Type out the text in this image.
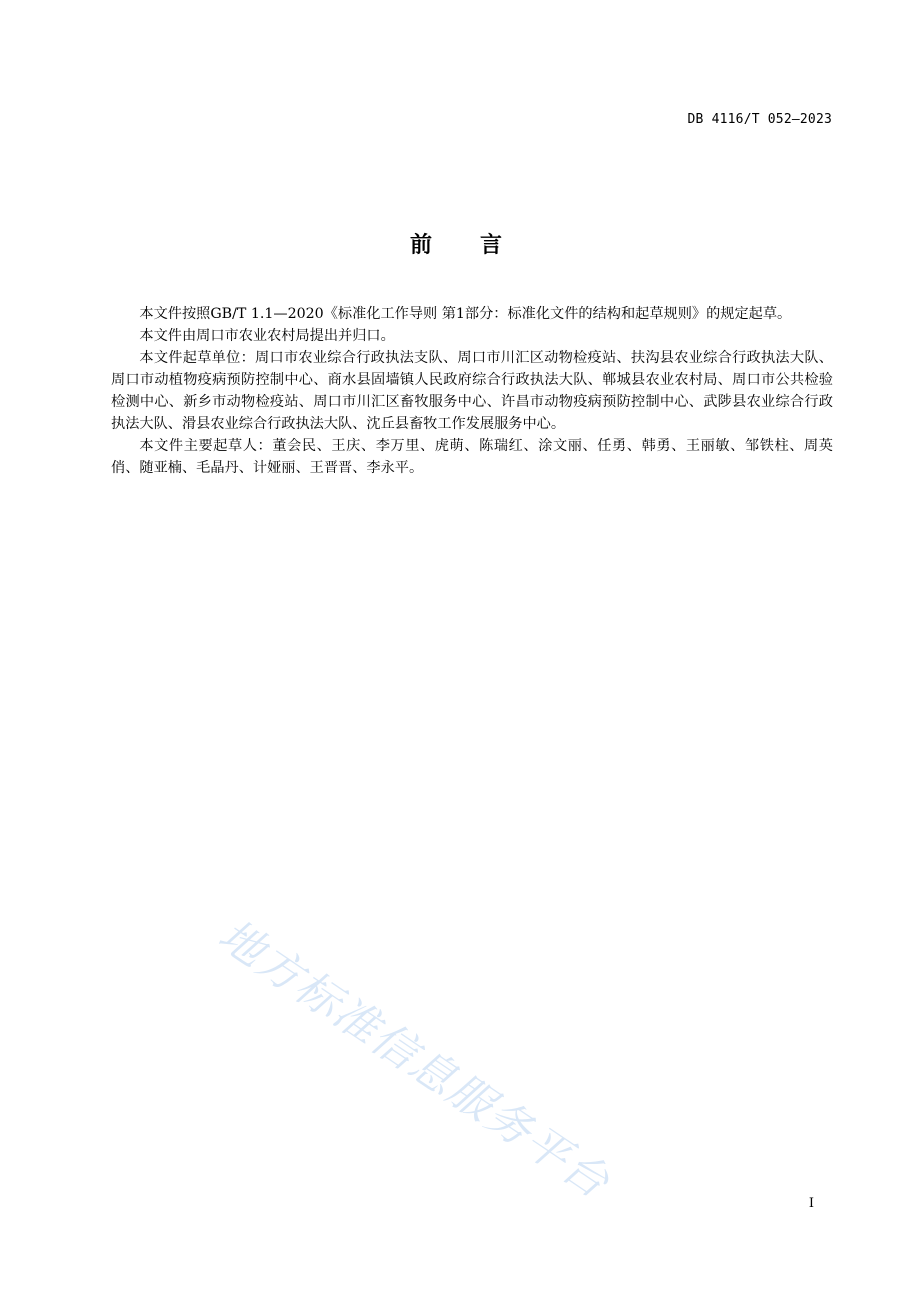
DB 4116/T 052—2023
前言

本文件按照GB/T 1.1—2020《标准化工作导则 第1部分：标准化文件的结构和起草规则》的规定起草。

本文件由周口市农业农村局提出并归口。

本文件起草单位：周口市农业综合行政执法支队、周口市川汇区动物检疫站、扶沟县农业综合行政执法大队、周口市动植物疫病预防控制中心、商水县固墙镇人民政府综合行政执法大队、郸城县农业农村局、周口市公共检验检测中心、新乡市动物检疫站、周口市川汇区畜牧服务中心、许昌市动物疫病预防控制中心、武陟县农业综合行政执法大队、滑县农业综合行政执法大队、沈丘县畜牧工作发展服务中心。

本文件主要起草人：董会民、王庆、李万里、虎萌、陈瑞红、涂文丽、任勇、韩勇、王丽敏、邹铁柱、周英俏、随亚楠、毛晶丹、计娅丽、王晋晋、李永平。

地方标准信息服务平台	I
